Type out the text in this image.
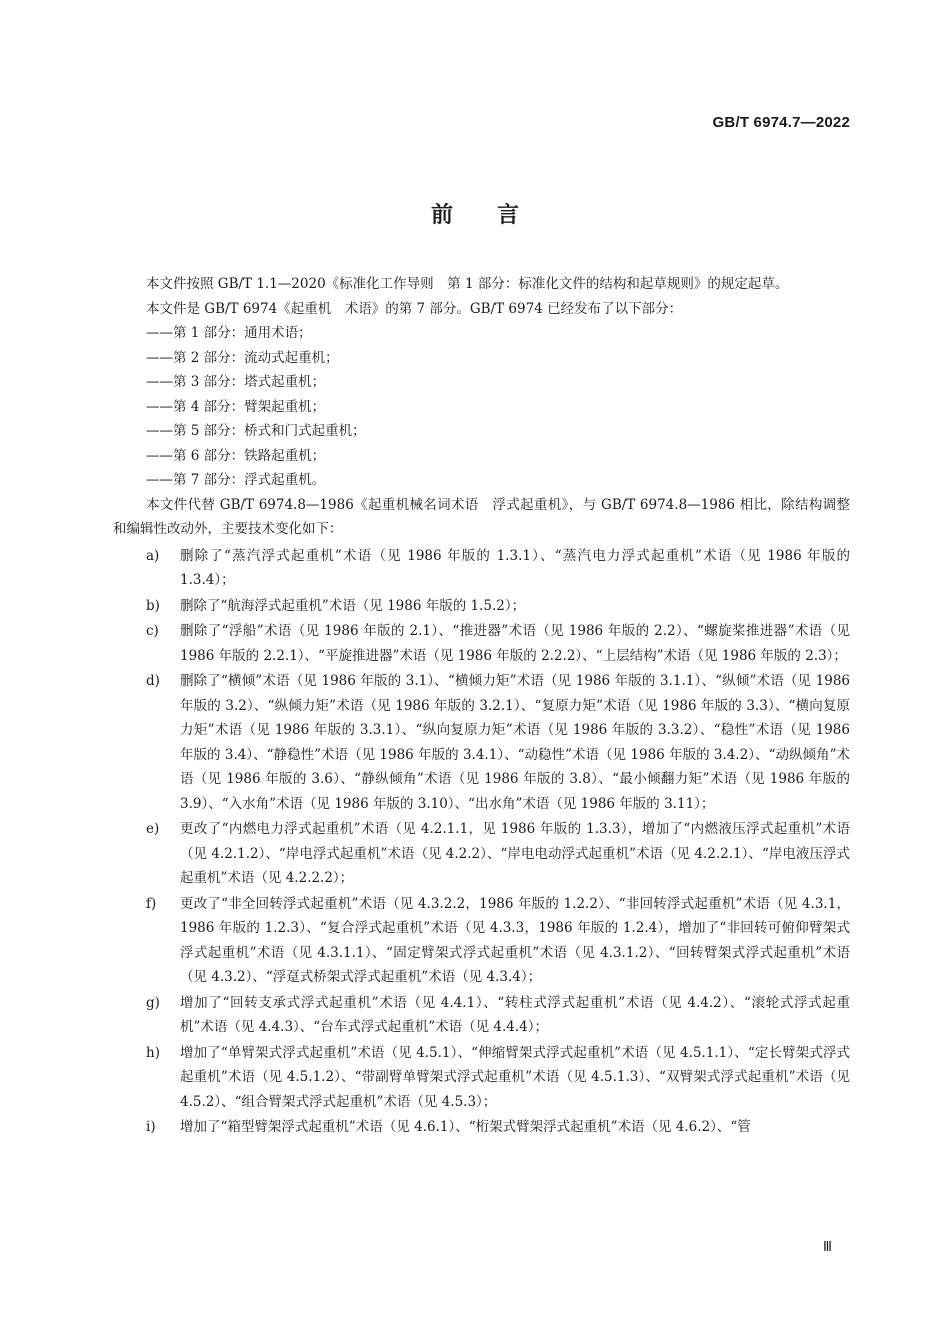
GB/T 6974.7—2022
前言

本文件按照 GB/T 1.1—2020《标准化工作导则　第 1 部分：标准化文件的结构和起草规则》的规定起草。

本文件是 GB/T 6974《起重机　术语》的第 7 部分。GB/T 6974 已经发布了以下部分：

——第 1 部分：通用术语；
——第 2 部分：流动式起重机；
——第 3 部分：塔式起重机；
——第 4 部分：臂架起重机；
——第 5 部分：桥式和门式起重机；
——第 6 部分：铁路起重机；
——第 7 部分：浮式起重机。

本文件代替 GB/T 6974.8—1986《起重机械名词术语　浮式起重机》，与 GB/T 6974.8—1986 相比，除结构调整和编辑性改动外，主要技术变化如下：

a)	删除了“蒸汽浮式起重机”术语（见 1986 年版的 1.3.1）、“蒸汽电力浮式起重机”术语（见 1986 年版的 1.3.4）；
b)	删除了“航海浮式起重机”术语（见 1986 年版的 1.5.2）；
c)	删除了“浮船”术语（见 1986 年版的 2.1）、“推进器”术语（见 1986 年版的 2.2）、“螺旋桨推进器”术语（见 1986 年版的 2.2.1）、“平旋推进器”术语（见 1986 年版的 2.2.2）、“上层结构”术语（见 1986 年版的 2.3）；
d)	删除了“横倾”术语（见 1986 年版的 3.1）、“横倾力矩”术语（见 1986 年版的 3.1.1）、“纵倾”术语（见 1986 年版的 3.2）、“纵倾力矩”术语（见 1986 年版的 3.2.1）、“复原力矩”术语（见 1986 年版的 3.3）、“横向复原力矩”术语（见 1986 年版的 3.3.1）、“纵向复原力矩”术语（见 1986 年版的 3.3.2）、“稳性”术语（见 1986 年版的 3.4）、“静稳性”术语（见 1986 年版的 3.4.1）、“动稳性”术语（见 1986 年版的 3.4.2）、“动纵倾角”术语（见 1986 年版的 3.6）、“静纵倾角”术语（见 1986 年版的 3.8）、“最小倾翻力矩”术语（见 1986 年版的 3.9）、“入水角”术语（见 1986 年版的 3.10）、“出水角”术语（见 1986 年版的 3.11）；
e)	更改了“内燃电力浮式起重机”术语（见 4.2.1.1，见 1986 年版的 1.3.3），增加了“内燃液压浮式起重机”术语（见 4.2.1.2）、“岸电浮式起重机”术语（见 4.2.2）、“岸电电动浮式起重机”术语（见 4.2.2.1）、“岸电液压浮式起重机”术语（见 4.2.2.2）；
f)	更改了“非全回转浮式起重机”术语（见 4.3.2.2，1986 年版的 1.2.2）、“非回转浮式起重机”术语（见 4.3.1，1986 年版的 1.2.3）、“复合浮式起重机”术语（见 4.3.3，1986 年版的 1.2.4），增加了“非回转可俯仰臂架式浮式起重机”术语（见 4.3.1.1）、“固定臂架式浮式起重机”术语（见 4.3.1.2）、“回转臂架式浮式起重机”术语（见 4.3.2）、“浮趸式桥架式浮式起重机”术语（见 4.3.4）；
g)	增加了“回转支承式浮式起重机”术语（见 4.4.1）、“转柱式浮式起重机”术语（见 4.4.2）、“滚轮式浮式起重机”术语（见 4.4.3）、“台车式浮式起重机”术语（见 4.4.4）；
h)	增加了“单臂架式浮式起重机”术语（见 4.5.1）、“伸缩臂架式浮式起重机”术语（见 4.5.1.1）、“定长臂架式浮式起重机”术语（见 4.5.1.2）、“带副臂单臂架式浮式起重机”术语（见 4.5.1.3）、“双臂架式浮式起重机”术语（见 4.5.2）、“组合臂架式浮式起重机”术语（见 4.5.3）；
i)	增加了“箱型臂架浮式起重机”术语（见 4.6.1）、“桁架式臂架浮式起重机”术语（见 4.6.2）、“管
Ⅲ
